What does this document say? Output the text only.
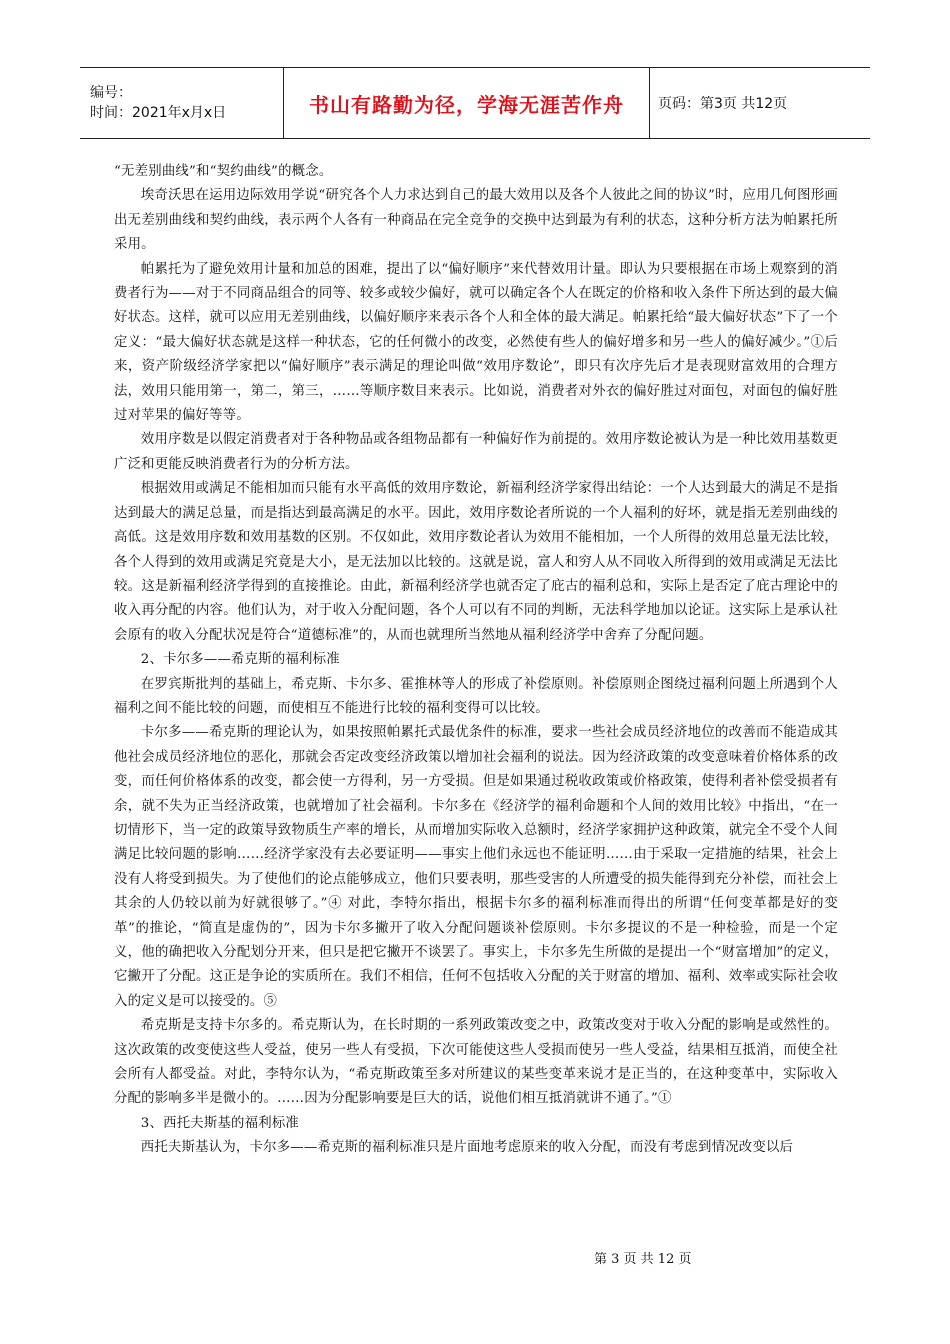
编号：
时间：2021年x月x日	书山有路勤为径，学海无涯苦作舟 页码：第3页 共12页

“无差别曲线”和“契约曲线”的概念。

埃奇沃思在运用边际效用学说“研究各个人力求达到自己的最大效用以及各个人彼此之间的协议”时，应用几何图形画出无差别曲线和契约曲线，表示两个人各有一种商品在完全竞争的交换中达到最为有利的状态，这种分析方法为帕累托所采用。

帕累托为了避免效用计量和加总的困难，提出了以“偏好顺序”来代替效用计量。即认为只要根据在市场上观察到的消费者行为——对于不同商品组合的同等、较多或较少偏好，就可以确定各个人在既定的价格和收入条件下所达到的最大偏好状态。这样，就可以应用无差别曲线，以偏好顺序来表示各个人和全体的最大满足。帕累托给“最大偏好状态”下了一个定义：“最大偏好状态就是这样一种状态，它的任何微小的改变，必然使有些人的偏好增多和另一些人的偏好减少。”①后来，资产阶级经济学家把以“偏好顺序”表示满足的理论叫做“效用序数论”，即只有次序先后才是表现财富效用的合理方法，效用只能用第一，第二，第三，……等顺序数目来表示。比如说，消费者对外衣的偏好胜过对面包，对面包的偏好胜过对苹果的偏好等等。

效用序数是以假定消费者对于各种物品或各组物品都有一种偏好作为前提的。效用序数论被认为是一种比效用基数更广泛和更能反映消费者行为的分析方法。

根据效用或满足不能相加而只能有水平高低的效用序数论，新福利经济学家得出结论：一个人达到最大的满足不是指达到最大的满足总量，而是指达到最高满足的水平。因此，效用序数论者所说的一个人福利的好坏，就是指无差别曲线的高低。这是效用序数和效用基数的区别。不仅如此，效用序数论者认为效用不能相加，一个人所得的效用总量无法比较，各个人得到的效用或满足究竟是大小，是无法加以比较的。这就是说，富人和穷人从不同收入所得到的效用或满足无法比较。这是新福利经济学得到的直接推论。由此，新福利经济学也就否定了庇古的福利总和，实际上是否定了庇古理论中的收入再分配的内容。他们认为，对于收入分配问题，各个人可以有不同的判断，无法科学地加以论证。这实际上是承认社会原有的收入分配状况是符合“道德标准”的，从而也就理所当然地从福利经济学中舍弃了分配问题。

2、卡尔多——希克斯的福利标准

在罗宾斯批判的基础上，希克斯、卡尔多、霍推林等人的形成了补偿原则。补偿原则企图绕过福利问题上所遇到个人福利之间不能比较的问题，而使相互不能进行比较的福利变得可以比较。

卡尔多——希克斯的理论认为，如果按照帕累托式最优条件的标准，要求一些社会成员经济地位的改善而不能造成其他社会成员经济地位的恶化，那就会否定改变经济政策以增加社会福利的说法。因为经济政策的改变意味着价格体系的改变，而任何价格体系的改变，都会使一方得利，另一方受损。但是如果通过税收政策或价格政策，使得利者补偿受损者有余，就不失为正当经济政策，也就增加了社会福利。卡尔多在《经济学的福利命题和个人间的效用比较》中指出，“在一切情形下，当一定的政策导致物质生产率的增长，从而增加实际收入总额时，经济学家拥护这种政策，就完全不受个人间满足比较问题的影响……经济学家没有去必要证明——事实上他们永远也不能证明……由于采取一定措施的结果，社会上没有人将受到损失。为了使他们的论点能够成立，他们只要表明，那些受害的人所遭受的损失能得到充分补偿，而社会上其余的人仍较以前为好就很够了。”④ 对此，李特尔指出，根据卡尔多的福利标准而得出的所谓“任何变革都是好的变革”的推论，“简直是虚伪的”，因为卡尔多撇开了收入分配问题谈补偿原则。卡尔多提议的不是一种检验，而是一个定义，他的确把收入分配划分开来，但只是把它撇开不谈罢了。事实上，卡尔多先生所做的是提出一个“财富增加”的定义，它撇开了分配。这正是争论的实质所在。我们不相信，任何不包括收入分配的关于财富的增加、福利、效率或实际社会收入的定义是可以接受的。⑤

希克斯是支持卡尔多的。希克斯认为，在长时期的一系列政策改变之中，政策改变对于收入分配的影响是或然性的。这次政策的改变使这些人受益，使另一些人有受损，下次可能使这些人受损而使另一些人受益，结果相互抵消，而使全社会所有人都受益。对此，李特尔认为，“希克斯政策至多对所建议的某些变革来说才是正当的，在这种变革中，实际收入分配的影响多半是微小的。……因为分配影响要是巨大的话，说他们相互抵消就讲不通了。”①

3、西托夫斯基的福利标准

西托夫斯基认为，卡尔多——希克斯的福利标准只是片面地考虑原来的收入分配，而没有考虑到情况改变以后

第 3 页 共 12 页
